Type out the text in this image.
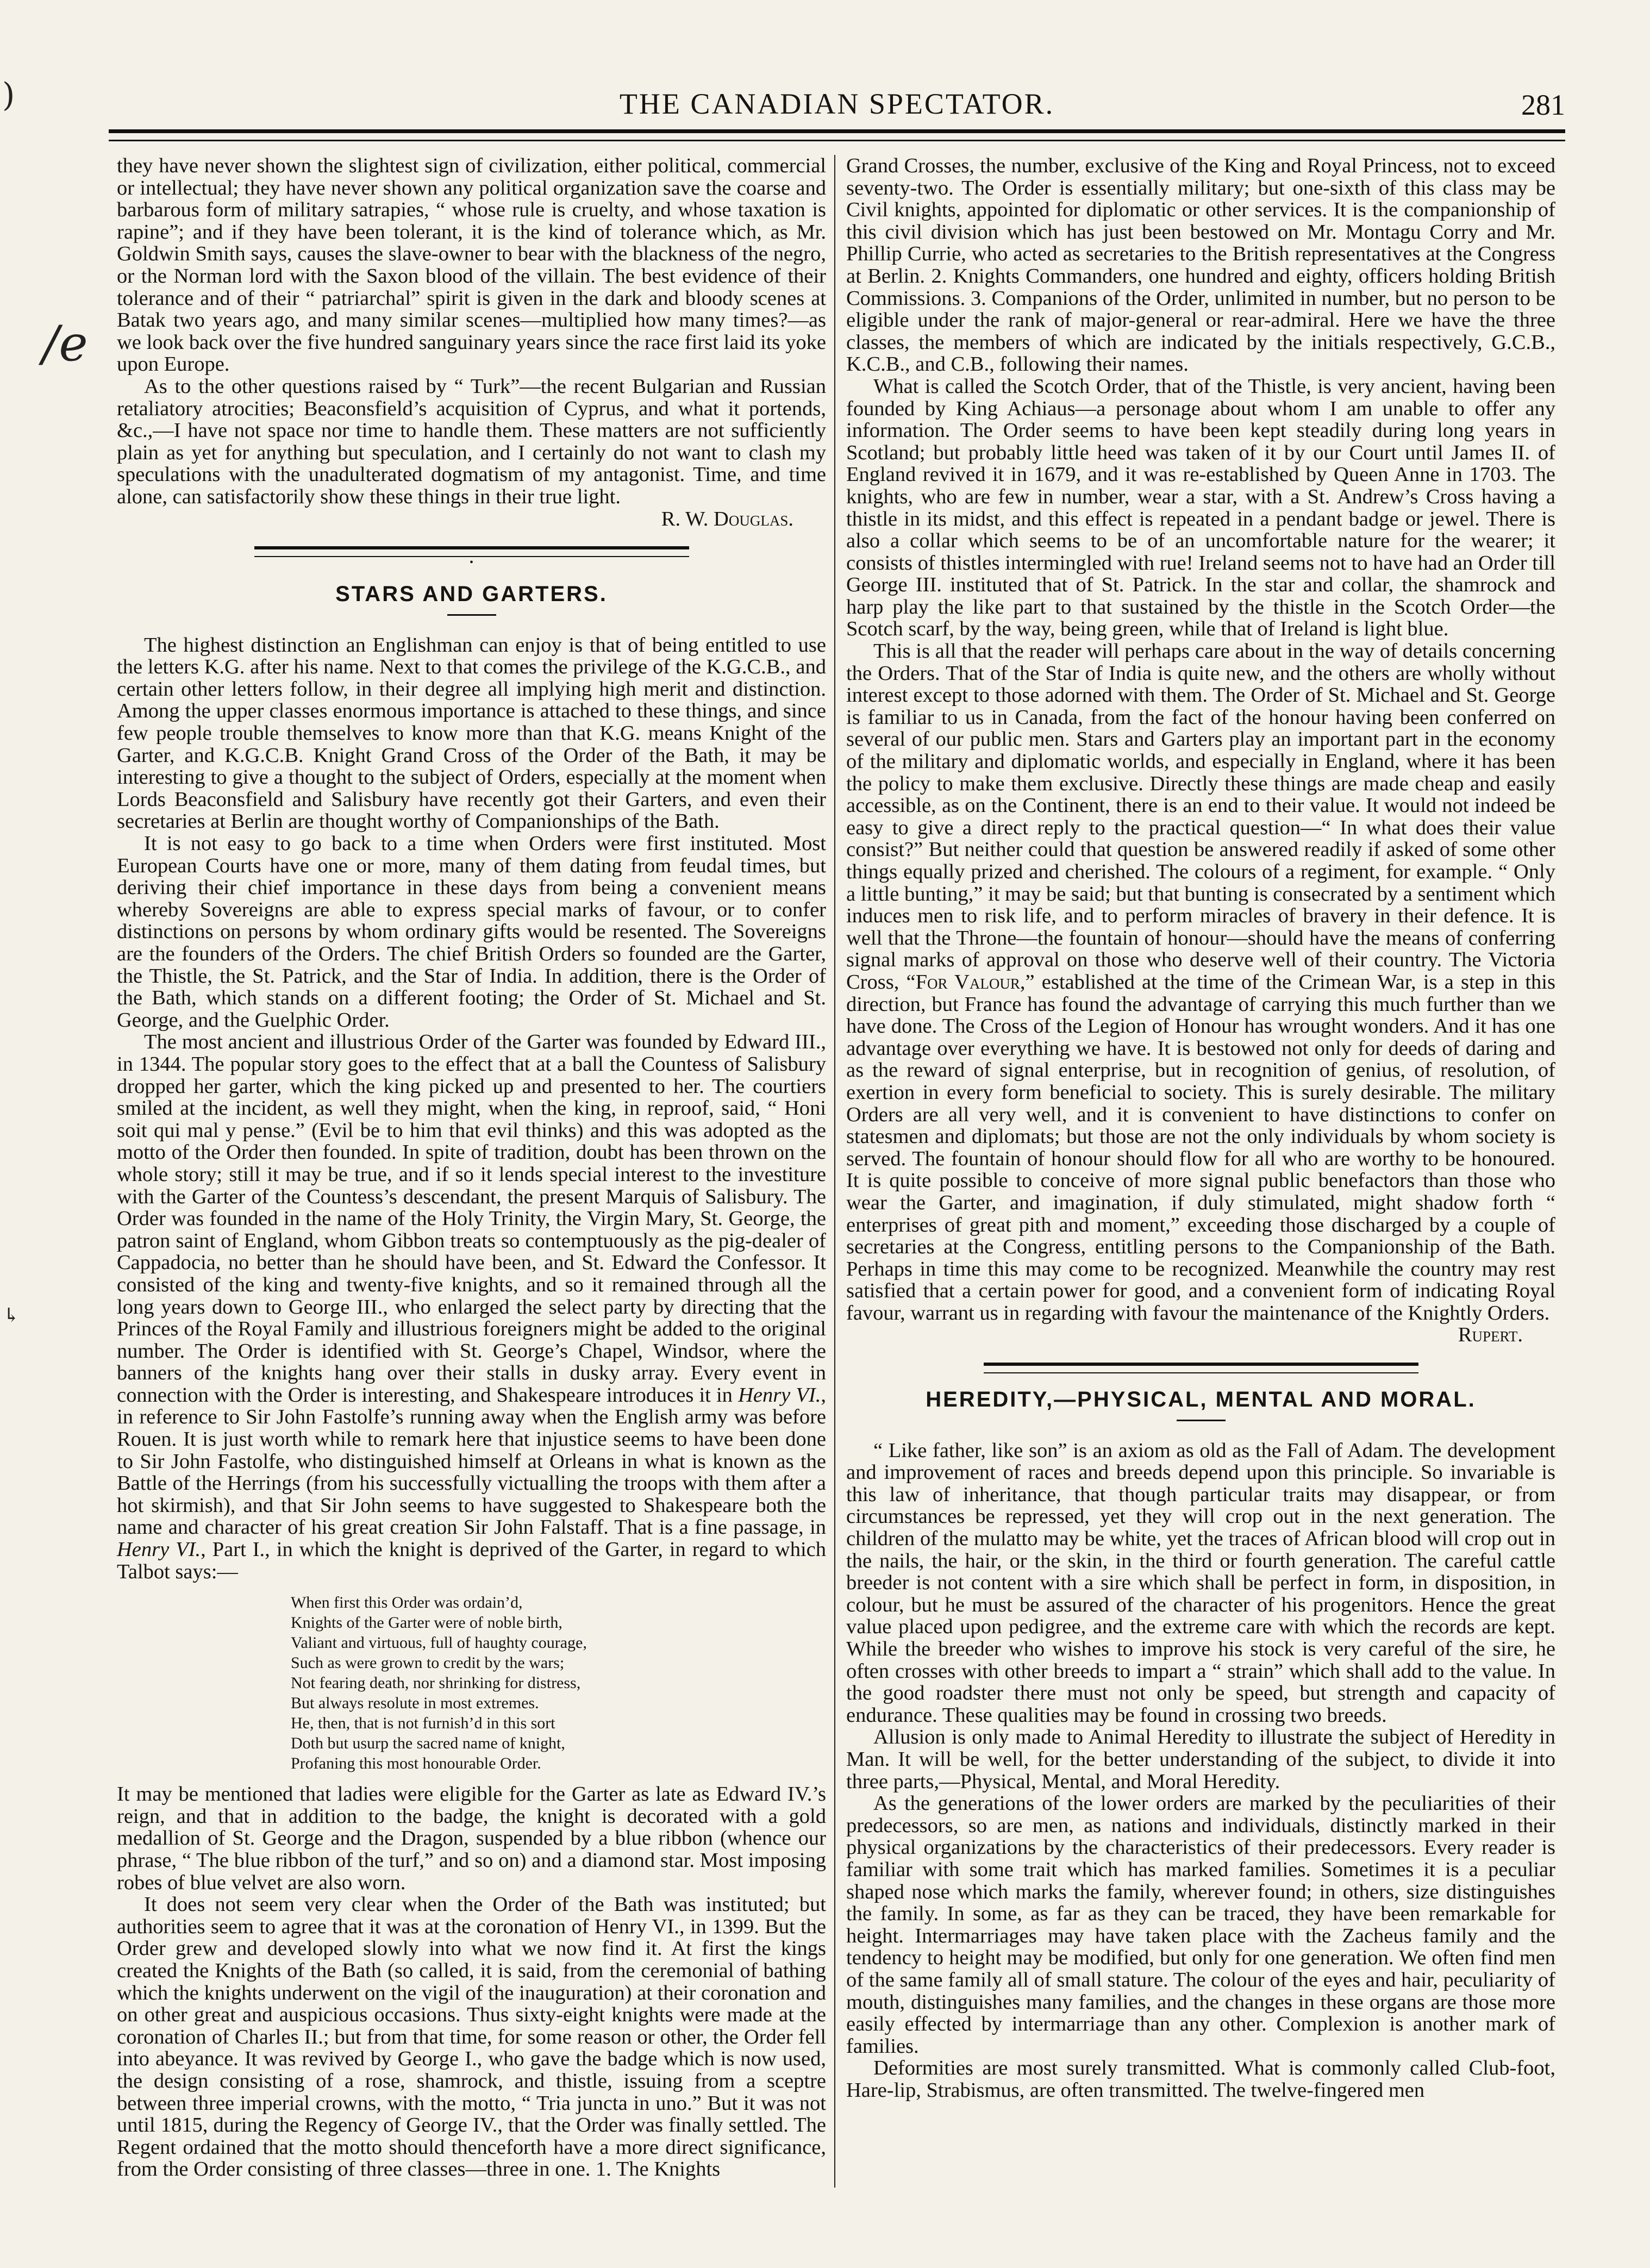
THE CANADIAN SPECTATOR.	281
)
/e
↳

they have never shown the slightest sign of civilization, either political, commercial or intellectual; they have never shown any political organization save the coarse and barbarous form of military satrapies, “ whose rule is cruelty, and whose taxation is rapine”; and if they have been tolerant, it is the kind of tolerance which, as Mr. Goldwin Smith says, causes the slave-owner to bear with the blackness of the negro, or the Norman lord with the Saxon blood of the villain. The best evidence of their tolerance and of their “ patriarchal” spirit is given in the dark and bloody scenes at Batak two years ago, and many similar scenes—multiplied how many times?—as we look back over the five hundred sanguinary years since the race first laid its yoke upon Europe.

As to the other questions raised by “ Turk”—the recent Bulgarian and Russian retaliatory atrocities; Beaconsfield’s acquisition of Cyprus, and what it portends, &c.,—I have not space nor time to handle them. These matters are not sufficiently plain as yet for anything but speculation, and I certainly do not want to clash my speculations with the unadulterated dogmatism of my antagonist. Time, and time alone, can satisfactorily show these things in their true light.

R. W. Douglas.
•
STARS AND GARTERS.

The highest distinction an Englishman can enjoy is that of being entitled to use the letters K.G. after his name. Next to that comes the privilege of the K.G.C.B., and certain other letters follow, in their degree all implying high merit and distinction. Among the upper classes enormous importance is attached to these things, and since few people trouble themselves to know more than that K.G. means Knight of the Garter, and K.G.C.B. Knight Grand Cross of the Order of the Bath, it may be interesting to give a thought to the subject of Orders, especially at the moment when Lords Beaconsfield and Salisbury have recently got their Garters, and even their secretaries at Berlin are thought worthy of Companionships of the Bath.

It is not easy to go back to a time when Orders were first instituted. Most European Courts have one or more, many of them dating from feudal times, but deriving their chief importance in these days from being a convenient means whereby Sovereigns are able to express special marks of favour, or to confer distinctions on persons by whom ordinary gifts would be resented. The Sovereigns are the founders of the Orders. The chief British Orders so founded are the Garter, the Thistle, the St. Patrick, and the Star of India. In addition, there is the Order of the Bath, which stands on a different footing; the Order of St. Michael and St. George, and the Guelphic Order.

The most ancient and illustrious Order of the Garter was founded by Edward III., in 1344. The popular story goes to the effect that at a ball the Countess of Salisbury dropped her garter, which the king picked up and presented to her. The courtiers smiled at the incident, as well they might, when the king, in reproof, said, “ Honi soit qui mal y pense.” (Evil be to him that evil thinks) and this was adopted as the motto of the Order then founded. In spite of tradition, doubt has been thrown on the whole story; still it may be true, and if so it lends special interest to the investiture with the Garter of the Countess’s descendant, the present Marquis of Salisbury. The Order was founded in the name of the Holy Trinity, the Virgin Mary, St. George, the patron saint of England, whom Gibbon treats so contemptuously as the pig-dealer of Cappadocia, no better than he should have been, and St. Edward the Confessor. It consisted of the king and twenty-five knights, and so it remained through all the long years down to George III., who enlarged the select party by directing that the Princes of the Royal Family and illustrious foreigners might be added to the original number. The Order is identified with St. George’s Chapel, Windsor, where the banners of the knights hang over their stalls in dusky array. Every event in connection with the Order is interesting, and Shakespeare introduces it in Henry VI., in reference to Sir John Fastolfe’s running away when the English army was before Rouen. It is just worth while to remark here that injustice seems to have been done to Sir John Fastolfe, who distinguished himself at Orleans in what is known as the Battle of the Herrings (from his successfully victualling the troops with them after a hot skirmish), and that Sir John seems to have suggested to Shakespeare both the name and character of his great creation Sir John Falstaff. That is a fine passage, in Henry VI., Part I., in which the knight is deprived of the Garter, in regard to which Talbot says:—

When first this Order was ordain’d,
Knights of the Garter were of noble birth,
Valiant and virtuous, full of haughty courage,
Such as were grown to credit by the wars;
Not fearing death, nor shrinking for distress,
But always resolute in most extremes.
He, then, that is not furnish’d in this sort
Doth but usurp the sacred name of knight,
Profaning this most honourable Order.

It may be mentioned that ladies were eligible for the Garter as late as Edward IV.’s reign, and that in addition to the badge, the knight is decorated with a gold medallion of St. George and the Dragon, suspended by a blue ribbon (whence our phrase, “ The blue ribbon of the turf,” and so on) and a diamond star. Most imposing robes of blue velvet are also worn.

It does not seem very clear when the Order of the Bath was instituted; but authorities seem to agree that it was at the coronation of Henry VI., in 1399. But the Order grew and developed slowly into what we now find it. At first the kings created the Knights of the Bath (so called, it is said, from the ceremonial of bathing which the knights underwent on the vigil of the inauguration) at their coronation and on other great and auspicious occasions. Thus sixty-eight knights were made at the coronation of Charles II.; but from that time, for some reason or other, the Order fell into abeyance. It was revived by George I., who gave the badge which is now used, the design consisting of a rose, shamrock, and thistle, issuing from a sceptre between three imperial crowns, with the motto, “ Tria juncta in uno.” But it was not until 1815, during the Regency of George IV., that the Order was finally settled. The Regent ordained that the motto should thenceforth have a more direct significance, from the Order consisting of three classes—three in one. 1. The Knights

Grand Crosses, the number, exclusive of the King and Royal Princess, not to exceed seventy-two. The Order is essentially military; but one-sixth of this class may be Civil knights, appointed for diplomatic or other services. It is the companionship of this civil division which has just been bestowed on Mr. Montagu Corry and Mr. Phillip Currie, who acted as secretaries to the British representatives at the Congress at Berlin. 2. Knights Commanders, one hundred and eighty, officers holding British Commissions. 3. Companions of the Order, unlimited in number, but no person to be eligible under the rank of major-general or rear-admiral. Here we have the three classes, the members of which are indicated by the initials respectively, G.C.B., K.C.B., and C.B., following their names.

What is called the Scotch Order, that of the Thistle, is very ancient, having been founded by King Achiaus—a personage about whom I am unable to offer any information. The Order seems to have been kept steadily during long years in Scotland; but probably little heed was taken of it by our Court until James II. of England revived it in 1679, and it was re-established by Queen Anne in 1703. The knights, who are few in number, wear a star, with a St. Andrew’s Cross having a thistle in its midst, and this effect is repeated in a pendant badge or jewel. There is also a collar which seems to be of an uncomfortable nature for the wearer; it consists of thistles intermingled with rue! Ireland seems not to have had an Order till George III. instituted that of St. Patrick. In the star and collar, the shamrock and harp play the like part to that sustained by the thistle in the Scotch Order—the Scotch scarf, by the way, being green, while that of Ireland is light blue.

This is all that the reader will perhaps care about in the way of details concerning the Orders. That of the Star of India is quite new, and the others are wholly without interest except to those adorned with them. The Order of St. Michael and St. George is familiar to us in Canada, from the fact of the honour having been conferred on several of our public men. Stars and Garters play an important part in the economy of the military and diplomatic worlds, and especially in England, where it has been the policy to make them exclusive. Directly these things are made cheap and easily accessible, as on the Continent, there is an end to their value. It would not indeed be easy to give a direct reply to the practical question—“ In what does their value consist?” But neither could that question be answered readily if asked of some other things equally prized and cherished. The colours of a regiment, for example. “ Only a little bunting,” it may be said; but that bunting is consecrated by a sentiment which induces men to risk life, and to perform miracles of bravery in their defence. It is well that the Throne—the fountain of honour—should have the means of conferring signal marks of approval on those who deserve well of their country. The Victoria Cross, “For Valour,” established at the time of the Crimean War, is a step in this direction, but France has found the advantage of carrying this much further than we have done. The Cross of the Legion of Honour has wrought wonders. And it has one advantage over everything we have. It is bestowed not only for deeds of daring and as the reward of signal enterprise, but in recognition of genius, of resolution, of exertion in every form beneficial to society. This is surely desirable. The military Orders are all very well, and it is convenient to have distinctions to confer on statesmen and diplomats; but those are not the only individuals by whom society is served. The fountain of honour should flow for all who are worthy to be honoured. It is quite possible to conceive of more signal public benefactors than those who wear the Garter, and imagination, if duly stimulated, might shadow forth “ enterprises of great pith and moment,” exceeding those discharged by a couple of secretaries at the Congress, entitling persons to the Companionship of the Bath. Perhaps in time this may come to be recognized. Meanwhile the country may rest satisfied that a certain power for good, and a convenient form of indicating Royal favour, warrant us in regarding with favour the maintenance of the Knightly Orders.

Rupert.
HEREDITY,—PHYSICAL, MENTAL AND MORAL.

“ Like father, like son” is an axiom as old as the Fall of Adam. The development and improvement of races and breeds depend upon this principle. So invariable is this law of inheritance, that though particular traits may disappear, or from circumstances be repressed, yet they will crop out in the next generation. The children of the mulatto may be white, yet the traces of African blood will crop out in the nails, the hair, or the skin, in the third or fourth generation. The careful cattle breeder is not content with a sire which shall be perfect in form, in disposition, in colour, but he must be assured of the character of his progenitors. Hence the great value placed upon pedigree, and the extreme care with which the records are kept. While the breeder who wishes to improve his stock is very careful of the sire, he often crosses with other breeds to impart a “ strain” which shall add to the value. In the good roadster there must not only be speed, but strength and capacity of endurance. These qualities may be found in crossing two breeds.

Allusion is only made to Animal Heredity to illustrate the subject of Heredity in Man. It will be well, for the better understanding of the subject, to divide it into three parts,—Physical, Mental, and Moral Heredity.

As the generations of the lower orders are marked by the peculiarities of their predecessors, so are men, as nations and individuals, distinctly marked in their physical organizations by the characteristics of their predecessors. Every reader is familiar with some trait which has marked families. Sometimes it is a peculiar shaped nose which marks the family, wherever found; in others, size distinguishes the family. In some, as far as they can be traced, they have been remarkable for height. Intermarriages may have taken place with the Zacheus family and the tendency to height may be modified, but only for one generation. We often find men of the same family all of small stature. The colour of the eyes and hair, peculiarity of mouth, distinguishes many families, and the changes in these organs are those more easily effected by intermarriage than any other. Complexion is another mark of families.

Deformities are most surely transmitted. What is commonly called Club-foot, Hare-lip, Strabismus, are often transmitted. The twelve-fingered men
